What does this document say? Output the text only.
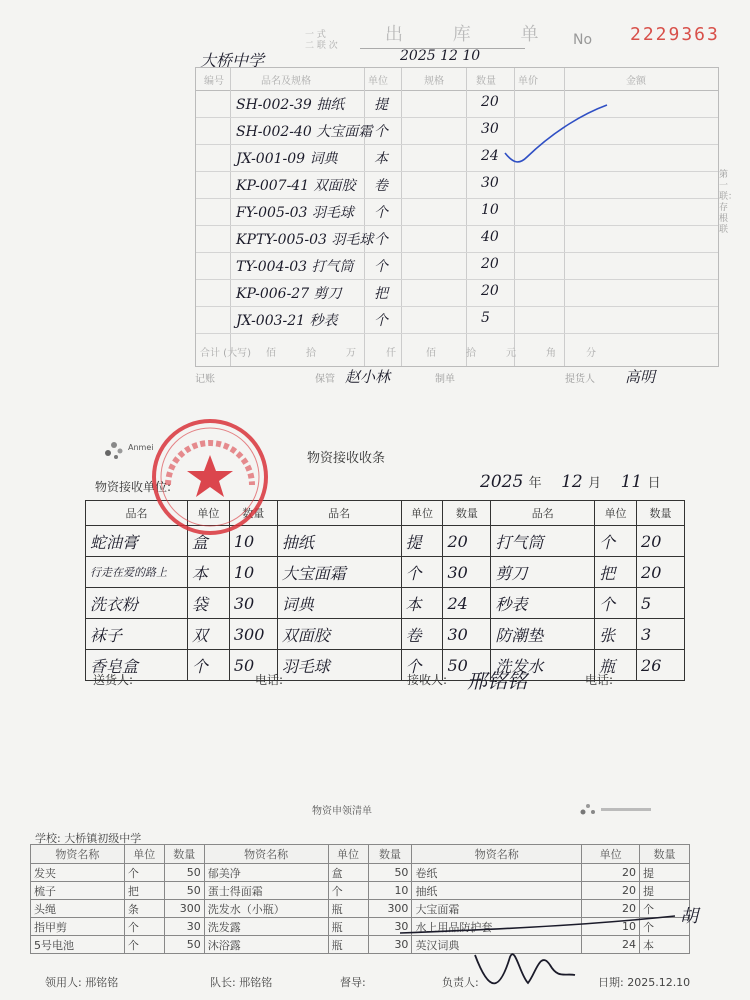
一 式
二 联 次
出 库 单 No 2229363
大桥中学	2025 12 10
编号	品名及规格	单位	规格	数量 单价	金额
SH-002-39 抽纸 提	20
SH-002-40 大宝面霜 个	30
JX-001-09 词典	本	24
KP-007-41 双面胶 卷	30
FY-005-03 羽毛球 个	10
KPTY-005-03 羽毛球 个	40
TY-004-03 打气筒 个	20
KP-006-27 剪刀 把	20
JX-003-21 秒表	个	5
合计 (大写) 佰	拾	万	仟	佰	拾	元	角	分
第一联：存根联
记账	保管 赵小林	制单	提货人 高明
Anmei
物资接收收条
物资接收单位:	2025 年 12 月 11 日
品名	单位	数量	品名	单位	数量	品名	单位	数量
蛇油膏	盒	10	抽纸	提	20	打气筒	个	20
行走在爱的路上	本	10	大宝面霜	个	30	剪刀	把	20
洗衣粉	袋	30	词典	本	24	秒表	个	5
袜子	双	300	双面胶	卷	30	防潮垫	张	3
香皂盒	个	50	羽毛球	个	50	洗发水	瓶	26
送货人:	电话:	接收人: 邢铭铭	电话:
物资申领清单
学校: 大桥镇初级中学
物资名称	单位	数量	物资名称	单位	数量	物资名称	单位	数量
发夹	个	50	郁美净	盒	50	卷纸	20	提
梳子	把	50	蛋士得面霜	个	10	抽纸	20	提
头绳	条	300	洗发水（小瓶）	瓶	300	大宝面霜	20	个
指甲剪	个	30	洗发露	瓶	30	水上用品防护套	10	个
5号电池	个	50	沐浴露	瓶	30	英汉词典	24	本
胡
领用人: 邢铭铭	队长: 邢铭铭	督导:	负责人:	日期: 2025.12.10
